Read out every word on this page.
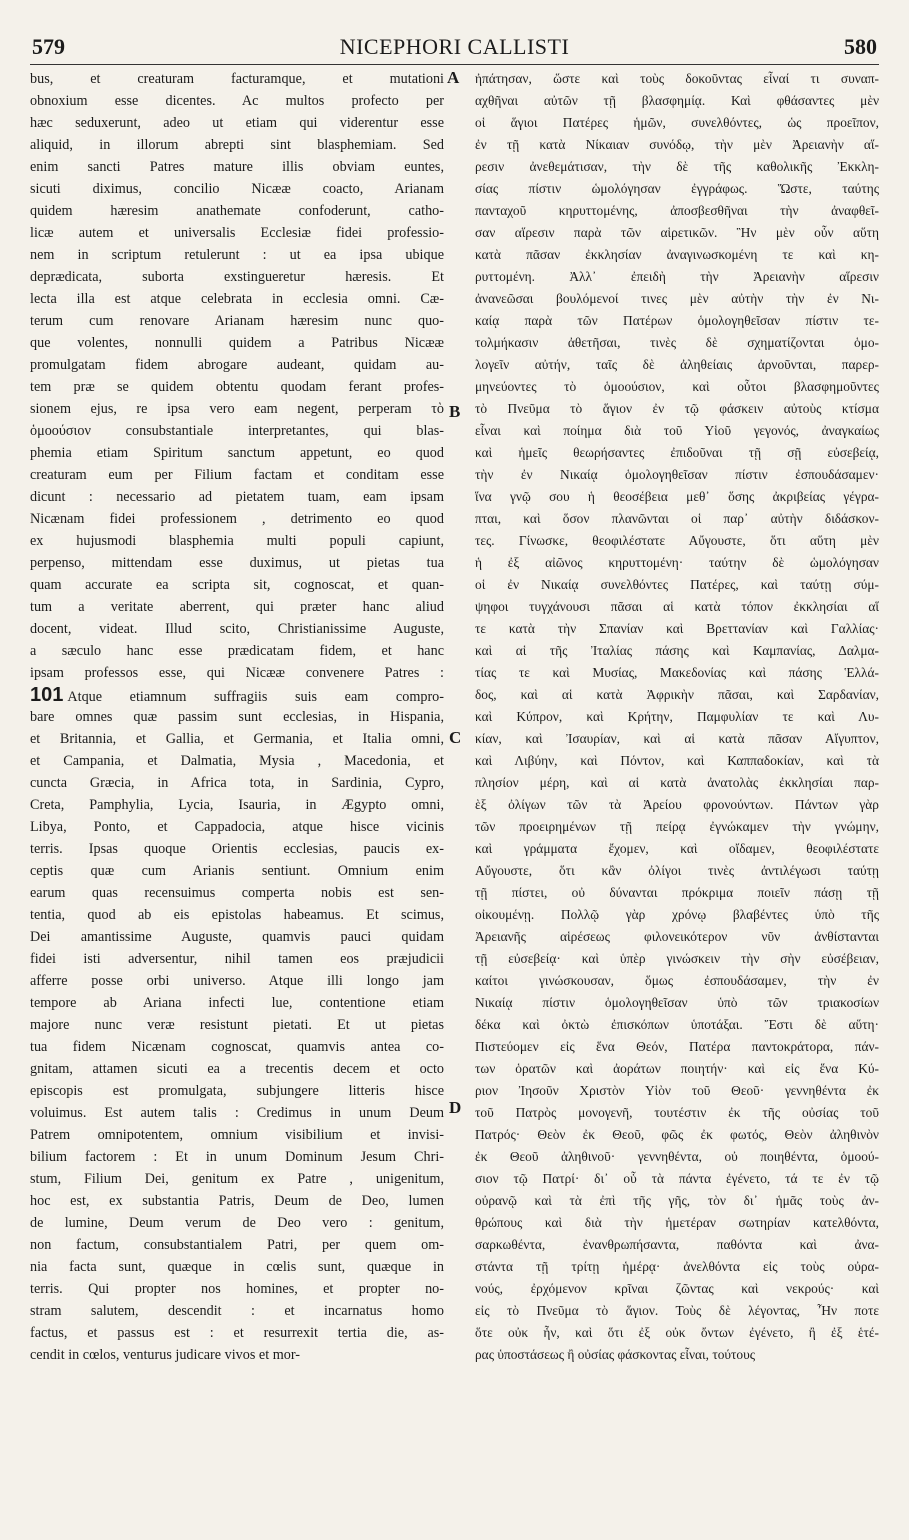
579	NICEPHORI CALLISTI	580
bus, et creaturam facturamque, et mutationi
obnoxium esse dicentes. Ac multos profecto per
hæc seduxerunt, adeo ut etiam qui viderentur esse
aliquid, in illorum abrepti sint blasphemiam. Sed
enim sancti Patres mature illis obviam euntes,
sicuti diximus, concilio Nicææ coacto, Arianam
quidem hæresim anathemate confoderunt, catho-
licæ autem et universalis Ecclesiæ fidei professio-
nem in scriptum retulerunt : ut ea ipsa ubique
deprædicata, suborta exstingueretur hæresis. Et
lecta illa est atque celebrata in ecclesia omni. Cæ-
terum cum renovare Arianam hæresim nunc quo-
que volentes, nonnulli quidem a Patribus Nicææ
promulgatam fidem abrogare audeant, quidam au-
tem præ se quidem obtentu quodam ferant profes-
sionem ejus, re ipsa vero eam negent, perperam τὸ
ὁμοούσιον consubstantiale interpretantes, qui blas-
phemia etiam Spiritum sanctum appetunt, eo quod
creaturam eum per Filium factam et conditam esse
dicunt : necessario ad pietatem tuam, eam ipsam
Nicænam fidei professionem , detrimento eo quod
ex hujusmodi blasphemia multi populi capiunt,
perpenso, mittendam esse duximus, ut pietas tua
quam accurate ea scripta sit, cognoscat, et quan-
tum a veritate aberrent, qui præter hanc aliud
docent, videat. Illud scito, Christianissime Auguste,
a sæculo hanc esse prædicatam fidem, et hanc
ipsam professos esse, qui Nicææ convenere Patres :
101 Atque etiamnum suffragiis suis eam compro-
bare omnes quæ passim sunt ecclesias, in Hispania,
et Britannia, et Gallia, et Germania, et Italia omni,
et Campania, et Dalmatia, Mysia , Macedonia, et
cuncta Græcia, in Africa tota, in Sardinia, Cypro,
Creta, Pamphylia, Lycia, Isauria, in Ægypto omni,
Libya, Ponto, et Cappadocia, atque hisce vicinis
terris. Ipsas quoque Orientis ecclesias, paucis ex-
ceptis quæ cum Arianis sentiunt. Omnium enim
earum quas recensuimus comperta nobis est sen-
tentia, quod ab eis epistolas habeamus. Et scimus,
Dei amantissime Auguste, quamvis pauci quidam
fidei isti adversentur, nihil tamen eos præjudicii
afferre posse orbi universo. Atque illi longo jam
tempore ab Ariana infecti lue, contentione etiam
majore nunc veræ resistunt pietati. Et ut pietas
tua fidem Nicænam cognoscat, quamvis antea co-
gnitam, attamen sicuti ea a trecentis decem et octo
episcopis est promulgata, subjungere litteris hisce
voluimus. Est autem talis : Credimus in unum Deum
Patrem omnipotentem, omnium visibilium et invisi-
bilium factorem : Et in unum Dominum Jesum Chri-
stum, Filium Dei, genitum ex Patre , unigenitum,
hoc est, ex substantia Patris, Deum de Deo, lumen
de lumine, Deum verum de Deo vero : genitum,
non factum, consubstantialem Patri, per quem om-
nia facta sunt, quæque in cœlis sunt, quæque in
terris. Qui propter nos homines, et propter no-
stram salutem, descendit : et incarnatus homo
factus, et passus est : et resurrexit tertia die, as-
cendit in cœlos, venturus judicare vivos et mor-
ἠπάτησαν, ὥστε καὶ τοὺς δοκοῦντας εἶναί τι συναπ-
αχθῆναι αὐτῶν τῇ βλασφημίᾳ. Καὶ φθάσαντες μὲν
οἱ ἅγιοι Πατέρες ἡμῶν, συνελθόντες, ὡς προεῖπον,
ἐν τῇ κατὰ Νίκαιαν συνόδῳ, τὴν μὲν Ἀρειανὴν αἵ-
ρεσιν ἀνεθεμάτισαν, τὴν δὲ τῆς καθολικῆς Ἐκκλη-
σίας πίστιν ὡμολόγησαν ἐγγράφως. Ὥστε, ταύτης
πανταχοῦ κηρυττομένης, ἀποσβεσθῆναι τὴν ἀναφθεῖ-
σαν αἵρεσιν παρὰ τῶν αἱρετικῶν. Ἣν μὲν οὖν αὕτη
κατὰ πᾶσαν ἐκκλησίαν ἀναγινωσκομένη τε καὶ κη-
ρυττομένη. Ἀλλ᾽ ἐπειδὴ τὴν Ἀρειανὴν αἵρεσιν
ἀνανεῶσαι βουλόμενοί τινες μὲν αὐτὴν τὴν ἐν Νι-
καίᾳ παρὰ τῶν Πατέρων ὁμολογηθεῖσαν πίστιν τε-
τολμήκασιν ἀθετῆσαι, τινὲς δὲ σχηματίζονται ὁμο-
λογεῖν αὐτήν, ταῖς δὲ ἀληθείαις ἀρνοῦνται, παρερ-
μηνεύοντες τὸ ὁμοούσιον, καὶ οὗτοι βλασφημοῦντες
τὸ Πνεῦμα τὸ ἅγιον ἐν τῷ φάσκειν αὐτοὺς κτίσμα
εἶναι καὶ ποίημα διὰ τοῦ Υἱοῦ γεγονός, ἀναγκαίως
καὶ ἡμεῖς θεωρήσαντες ἐπιδοῦναι τῇ σῇ εὐσεβείᾳ,
τὴν ἐν Νικαίᾳ ὁμολογηθεῖσαν πίστιν ἐσπουδάσαμεν·
ἵνα γνῷ σου ἡ θεοσέβεια μεθ᾽ ὅσης ἀκριβείας γέγρα-
πται, καὶ ὅσον πλανῶνται οἱ παρ᾽ αὐτὴν διδάσκον-
τες. Γίνωσκε, θεοφιλέστατε Αὔγουστε, ὅτι αὕτη μὲν
ἡ ἐξ αἰῶνος κηρυττομένη· ταύτην δὲ ὡμολόγησαν
οἱ ἐν Νικαίᾳ συνελθόντες Πατέρες, καὶ ταύτῃ σύμ-
ψηφοι τυγχάνουσι πᾶσαι αἱ κατὰ τόπον ἐκκλησίαι αἵ
τε κατὰ τὴν Σπανίαν καὶ Βρεττανίαν καὶ Γαλλίας·
καὶ αἱ τῆς Ἰταλίας πάσης καὶ Καμπανίας, Δαλμα-
τίας τε καὶ Μυσίας, Μακεδονίας καὶ πάσης Ἑλλά-
δος, καὶ αἱ κατὰ Ἀφρικὴν πᾶσαι, καὶ Σαρδανίαν,
καὶ Κύπρον, καὶ Κρήτην, Παμφυλίαν τε καὶ Λυ-
κίαν, καὶ Ἰσαυρίαν, καὶ αἱ κατὰ πᾶσαν Αἴγυπτον,
καὶ Λιβύην, καὶ Πόντον, καὶ Καππαδοκίαν, καὶ τὰ
πλησίον μέρη, καὶ αἱ κατὰ ἀνατολὰς ἐκκλησίαι παρ-
ὲξ ὀλίγων τῶν τὰ Ἀρείου φρονούντων. Πάντων γὰρ
τῶν προειρημένων τῇ πείρᾳ ἐγνώκαμεν τὴν γνώμην,
καὶ γράμματα ἔχομεν, καὶ οἴδαμεν, θεοφιλέστατε
Αὔγουστε, ὅτι κἂν ὀλίγοι τινὲς ἀντιλέγωσι ταύτῃ
τῇ πίστει, οὐ δύνανται πρόκριμα ποιεῖν πάσῃ τῇ
οἰκουμένῃ. Πολλῷ γὰρ χρόνῳ βλαβέντες ὑπὸ τῆς
Ἀρειανῆς αἱρέσεως φιλονεικότερον νῦν ἀνθίστανται
τῇ εὐσεβείᾳ· καὶ ὑπὲρ γινώσκειν τὴν σὴν εὐσέβειαν,
καίτοι γινώσκουσαν, ὅμως ἐσπουδάσαμεν, τὴν ἐν
Νικαίᾳ πίστιν ὁμολογηθεῖσαν ὑπὸ τῶν τριακοσίων
δέκα καὶ ὀκτὼ ἐπισκόπων ὑποτάξαι. Ἔστι δὲ αὕτη·
Πιστεύομεν εἰς ἕνα Θεόν, Πατέρα παντοκράτορα, πάν-
των ὁρατῶν καὶ ἀοράτων ποιητήν· καὶ εἰς ἕνα Κύ-
ριον Ἰησοῦν Χριστὸν Υἱὸν τοῦ Θεοῦ· γεννηθέντα ἐκ
τοῦ Πατρὸς μονογενῆ, τουτέστιν ἐκ τῆς οὐσίας τοῦ
Πατρός· Θεὸν ἐκ Θεοῦ, φῶς ἐκ φωτός, Θεὸν ἀληθινὸν
ἐκ Θεοῦ ἀληθινοῦ· γεννηθέντα, οὐ ποιηθέντα, ὁμοού-
σιον τῷ Πατρί· δι᾽ οὗ τὰ πάντα ἐγένετο, τά τε ἐν τῷ
οὐρανῷ καὶ τὰ ἐπὶ τῆς γῆς, τὸν δι᾽ ἡμᾶς τοὺς ἀν-
θρώπους καὶ διὰ τὴν ἡμετέραν σωτηρίαν κατελθόντα,
σαρκωθέντα, ἐνανθρωπήσαντα, παθόντα καὶ ἀνα-
στάντα τῇ τρίτῃ ἡμέρᾳ· ἀνελθόντα εἰς τοὺς οὐρα-
νούς, ἐρχόμενον κρῖναι ζῶντας καὶ νεκρούς· καὶ
εἰς τὸ Πνεῦμα τὸ ἅγιον. Τοὺς δὲ λέγοντας, Ἦν ποτε
ὅτε οὐκ ἦν, καὶ ὅτι ἐξ οὐκ ὄντων ἐγένετο, ἢ ἐξ ἑτέ-
ρας ὑποστάσεως ἢ οὐσίας φάσκοντας εἶναι, τούτους
A
B
C
D
